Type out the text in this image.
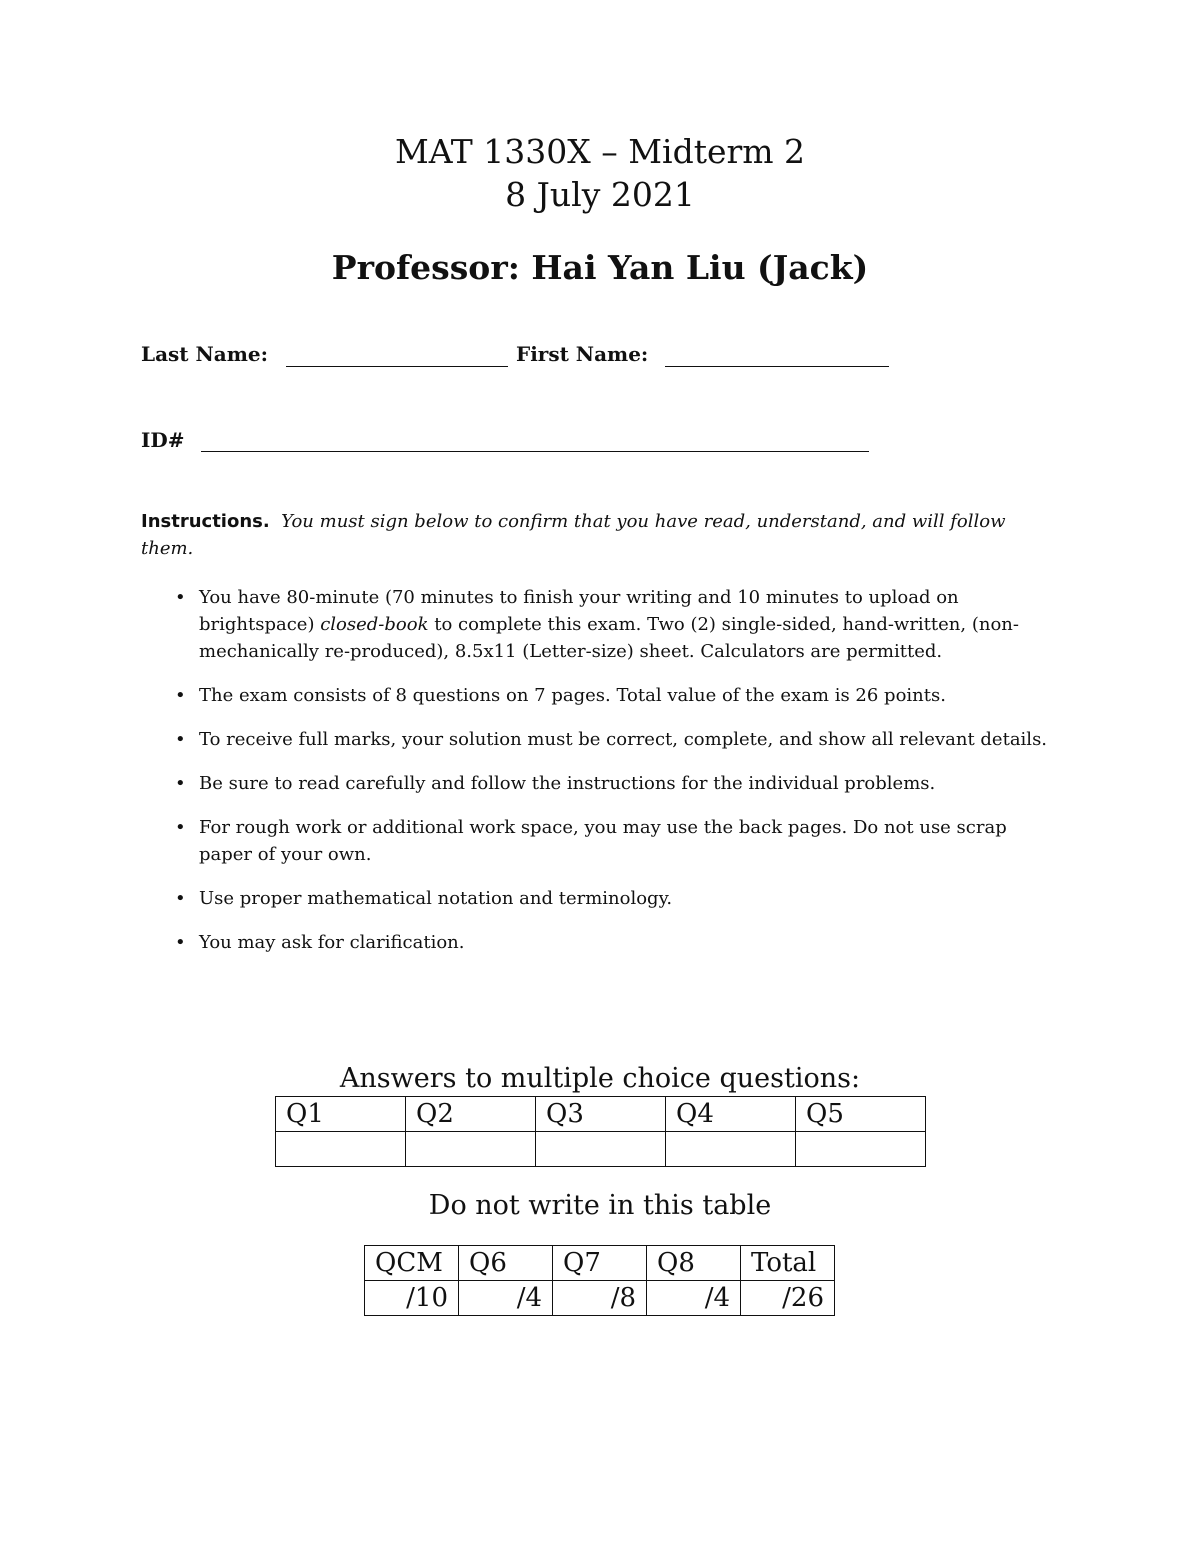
MAT 1330X – Midterm 2
8 July 2021
Professor: Hai Yan Liu (Jack)
Last Name:	First Name:
ID#
Instructions. You must sign below to confirm that you have read, understand, and will follow them.
• You have 80-minute (70 minutes to finish your writing and 10 minutes to upload on brightspace) closed-book to complete this exam. Two (2) single-sided, hand-written, (non-mechanically re-produced), 8.5x11 (Letter-size) sheet. Calculators are permitted.
• The exam consists of 8 questions on 7 pages. Total value of the exam is 26 points.
• To receive full marks, your solution must be correct, complete, and show all relevant details.
• Be sure to read carefully and follow the instructions for the individual problems.
• For rough work or additional work space, you may use the back pages. Do not use scrap paper of your own.
• Use proper mathematical notation and terminology.
• You may ask for clarification.
Answers to multiple choice questions:
Q1	Q2	Q3	Q4	Q5

Do not write in this table
QCM	Q6	Q7	Q8	Total
/10	/4	/8	/4	/26
